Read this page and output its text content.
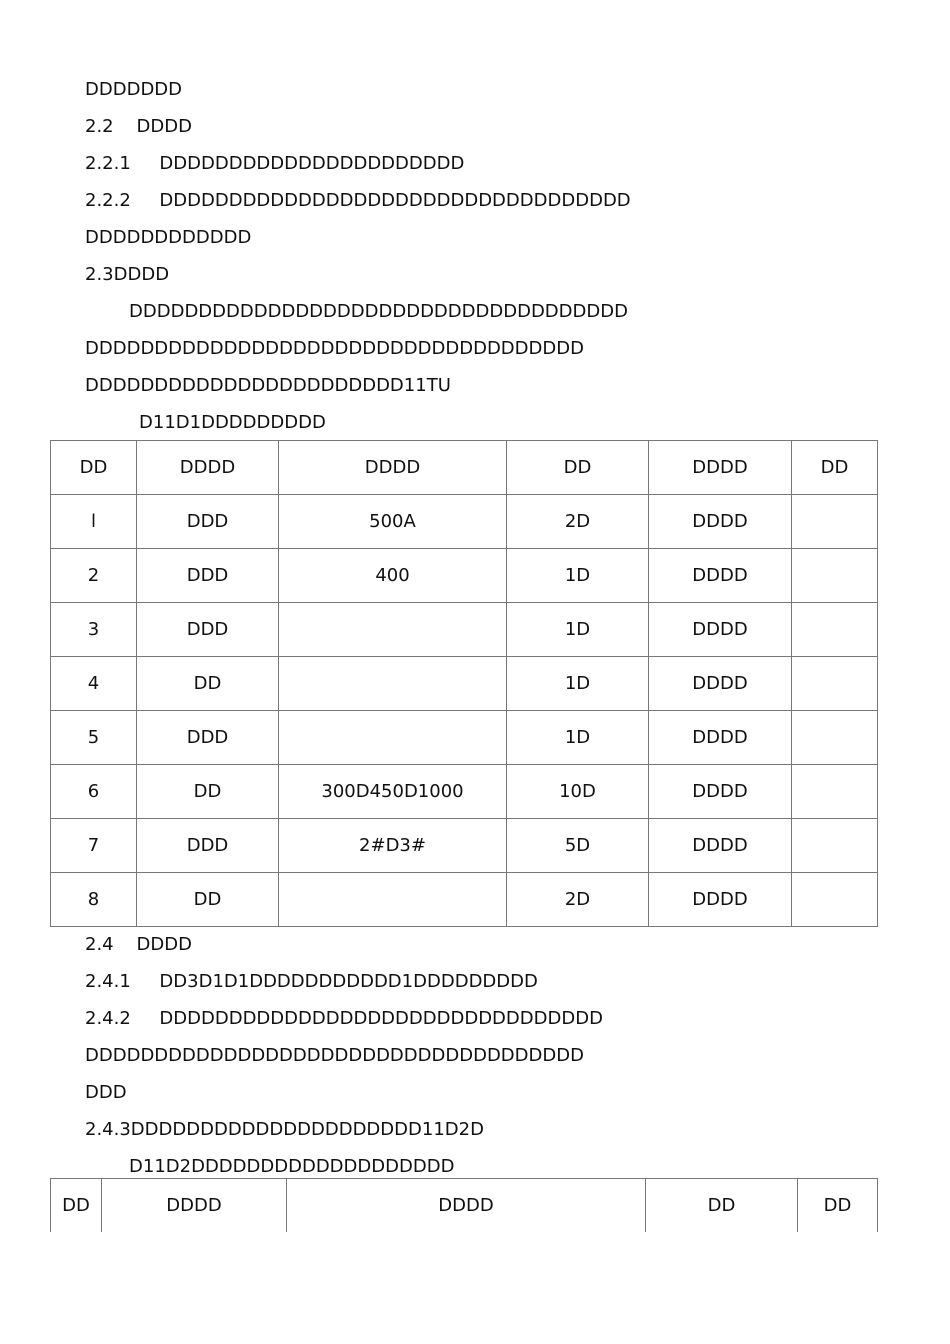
DDDDDDD
2.2    DDDD
2.2.1     DDDDDDDDDDDDDDDDDDDDDD
2.2.2     DDDDDDDDDDDDDDDDDDDDDDDDDDDDDDDDDD
DDDDDDDDDDDD
2.3DDDD
DDDDDDDDDDDDDDDDDDDDDDDDDDDDDDDDDDDD
DDDDDDDDDDDDDDDDDDDDDDDDDDDDDDDDDDDD
DDDDDDDDDDDDDDDDDDDDDDD11TU
D11D1DDDDDDDDD
DD	DDDD	DDDD	DD	DDDD	DD
l	DDD	500A	2D	DDDD	
2	DDD	400	1D	DDDD	
3	DDD		1D	DDDD	
4	DD		1D	DDDD	
5	DDD		1D	DDDD	
6	DD	300D450D1000	10D	DDDD	
7	DDD	2#D3#	5D	DDDD	
8	DD		2D	DDDD	
2.4    DDDD
2.4.1     DD3D1D1DDDDDDDDDDD1DDDDDDDDD
2.4.2     DDDDDDDDDDDDDDDDDDDDDDDDDDDDDDDD
DDDDDDDDDDDDDDDDDDDDDDDDDDDDDDDDDDDD
DDD
2.4.3DDDDDDDDDDDDDDDDDDDDD11D2D
D11D2DDDDDDDDDDDDDDDDDDD
DD	DDDD	DDDD	DD	DD
